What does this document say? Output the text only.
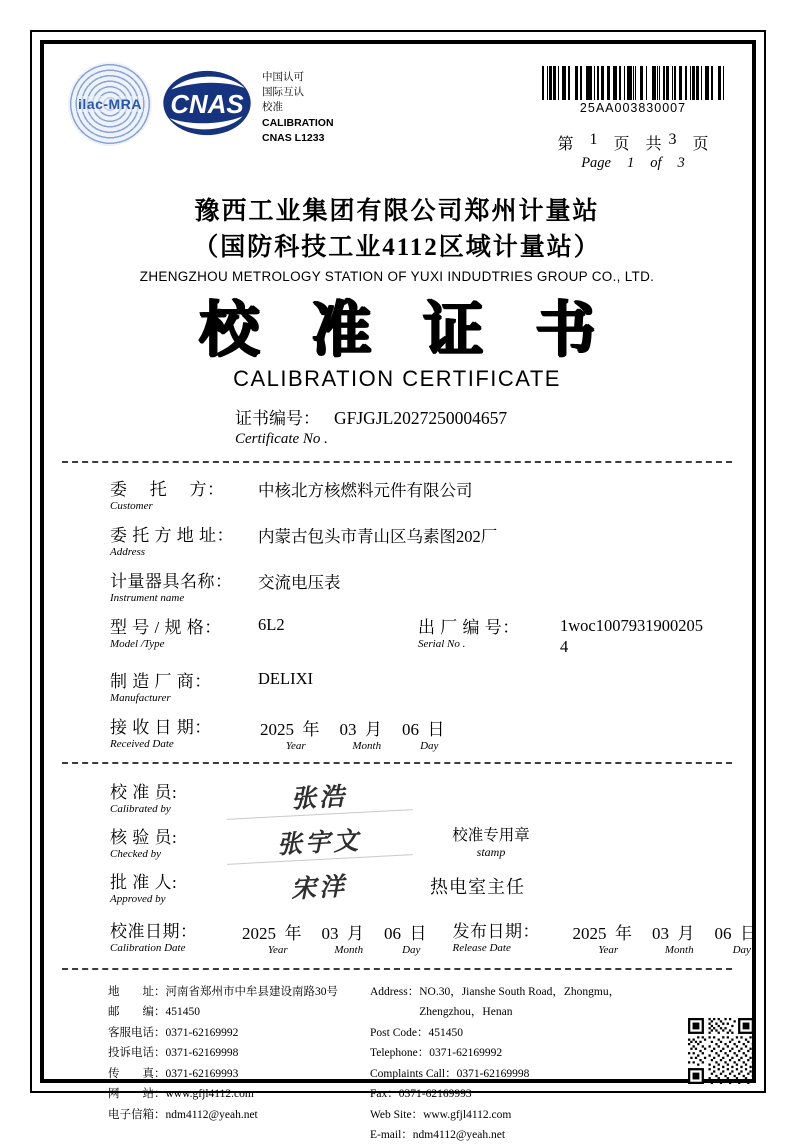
ilac-MRA CNAS
中国认可
国际互认
校准
CALIBRATION
CNAS L1233
25AA003830007
第 1 页 共 3 页
Page 1 of 3
豫西工业集团有限公司郑州计量站
（国防科技工业4112区域计量站）
ZHENGZHOU METROLOGY STATION OF YUXI INDUDTRIES GROUP CO., LTD.
校准证书
CALIBRATION CERTIFICATE
证书编号： GFJGJL2027250004657
Certificate No .
委　 托　 方：
Customer
中核北方核燃料元件有限公司
委 托 方 地 址：
Address
内蒙古包头市青山区乌素图202厂
计量器具名称：
Instrument name
交流电压表
型 号 / 规 格：
Model /Type
6L2	出 厂 编 号：
Serial No .
1woc10079319002054
制 造 厂 商：
Manufacturer
DELIXI
接 收 日 期：
Received Date
2025 年
Year
03 月
Month
06 日
Day
校 准 员:
Calibrated by	张浩
核 验 员:
Checked by	张宇文	校准专用章
stamp
批 准 人:
Approved by	宋洋	热电室主任
校准日期：
Calibration Date
2025 年
Year
03 月
Month
06 日
Day
发布日期：
Release Date
2025 年
Year
03 月
Month
06 日
Day
地　　址： 河南省郑州市中牟县建设南路30号
邮　　编： 451450
客服电话： 0371-62169992
投诉电话： 0371-62169998
传　　真： 0371-62169993
网　　站： www.gfjl4112.com
电子信箱： ndm4112@yeah.net
Address： NO.30，Jianshe South Road，Zhongmu，Zhengzhou，Henan
Post Code： 451450
Telephone： 0371-62169992
Complaints Call： 0371-62169998
Fax： 0371-62169993
Web Site： www.gfjl4112.com
E-mail： ndm4112@yeah.net
